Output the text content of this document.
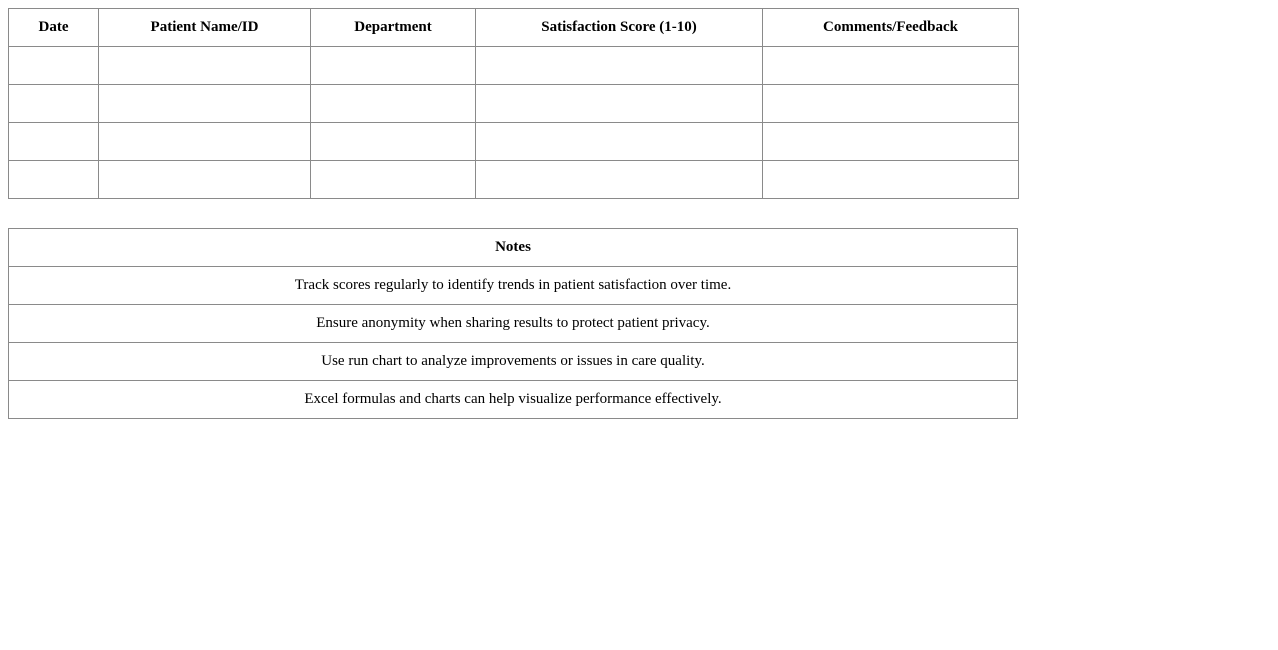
Date	Patient Name/ID	Department	Satisfaction Score (1-10)	Comments/Feedback

Notes
Track scores regularly to identify trends in patient satisfaction over time.
Ensure anonymity when sharing results to protect patient privacy.
Use run chart to analyze improvements or issues in care quality.
Excel formulas and charts can help visualize performance effectively.
